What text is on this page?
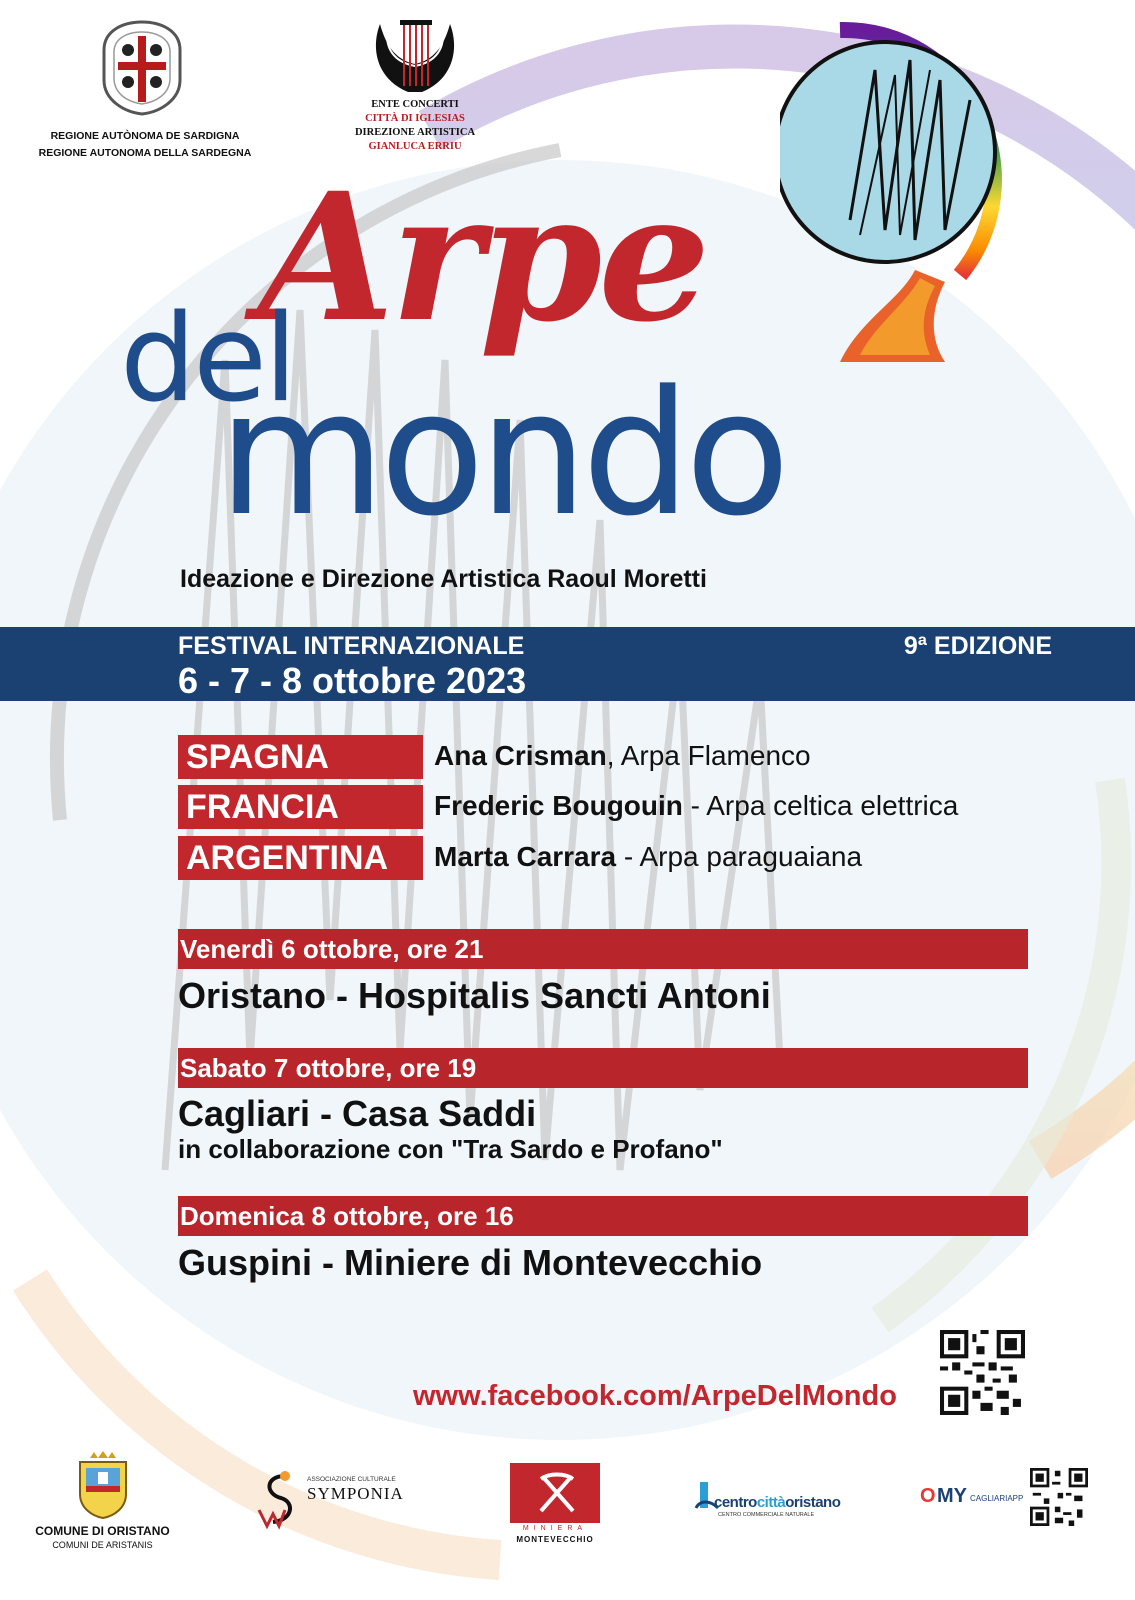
REGIONE AUTÒNOMA DE SARDIGNA
REGIONE AUTONOMA DELLA SARDEGNA
ENTE CONCERTI
CITTÀ DI IGLESIAS
DIREZIONE ARTISTICA
GIANLUCA ERRIU
Arpe
del
mondo
Ideazione e Direzione Artistica Raoul Moretti
FESTIVAL INTERNAZIONALE
6 - 7 - 8 ottobre 2023
9ª EDIZIONE
SPAGNA	Ana Crisman, Arpa Flamenco
FRANCIA	Frederic Bougouin - Arpa celtica elettrica
ARGENTINA	Marta Carrara - Arpa paraguaiana
Venerdì 6 ottobre, ore 21
Oristano - Hospitalis Sancti Antoni
Sabato 7 ottobre, ore 19
Cagliari - Casa Saddi
in collaborazione con "Tra Sardo e Profano"
Domenica 8 ottobre, ore 16
Guspini - Miniere di Montevecchio
www.facebook.com/ArpeDelMondo
COMUNE DI ORISTANO
COMUNI DE ARISTANIS
ASSOCIAZIONE CULTURALE
SYMPONIA
MINIERA
MONTEVECCHIO
centrocittàoristano
CENTRO COMMERCIALE NATURALE
O MY CAGLIARIAPP
